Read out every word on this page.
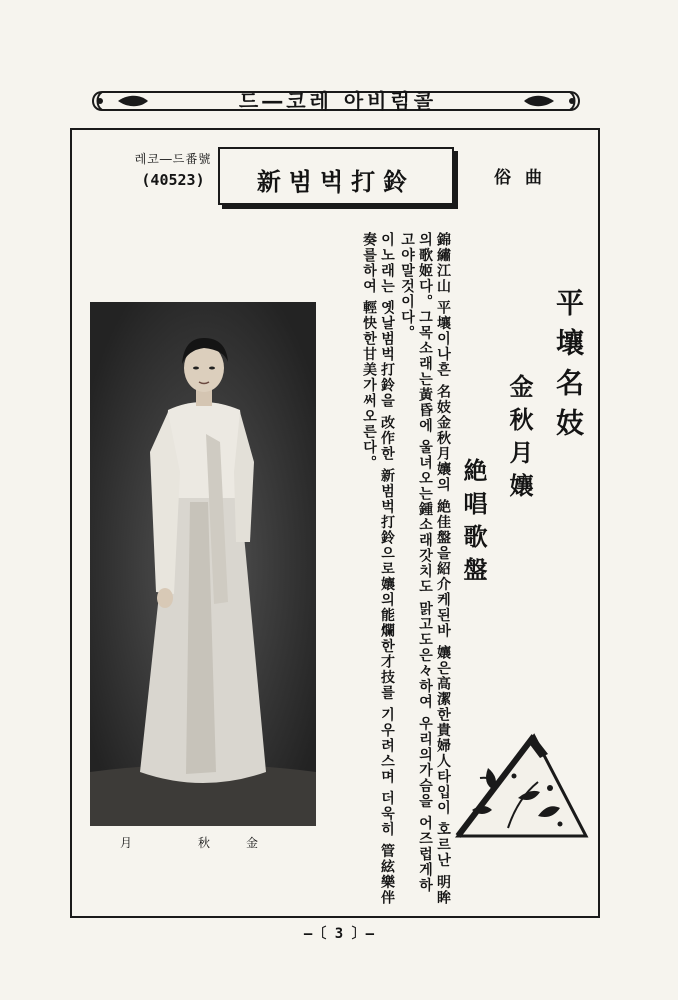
드―코레 아비럼콜
레코―드番號
(40523)	新범벅打鈴	俗曲
平壤名妓
金秋月孃
絶唱歌盤

錦繡江山 平壤이나흔 名妓金秋月孃의 絶佳盤을紹介케된바 孃은高潔한貴婦人타입이 호르난 明眸의歌姬다。그목소래는黃昏에 울녀오는鍾소래갓치도 맑고도은々하여 우리의가슴을 어즈럽게하고야말것이다。

이노래는 옛날범벅打鈴을 改作한 新범벅打鈴으로孃의能爛한才技를 기우려스며 더욱히 管絃樂伴奏를하여 輕快한甘美가써오른다。

月	秋	金
—〔 3 〕—
